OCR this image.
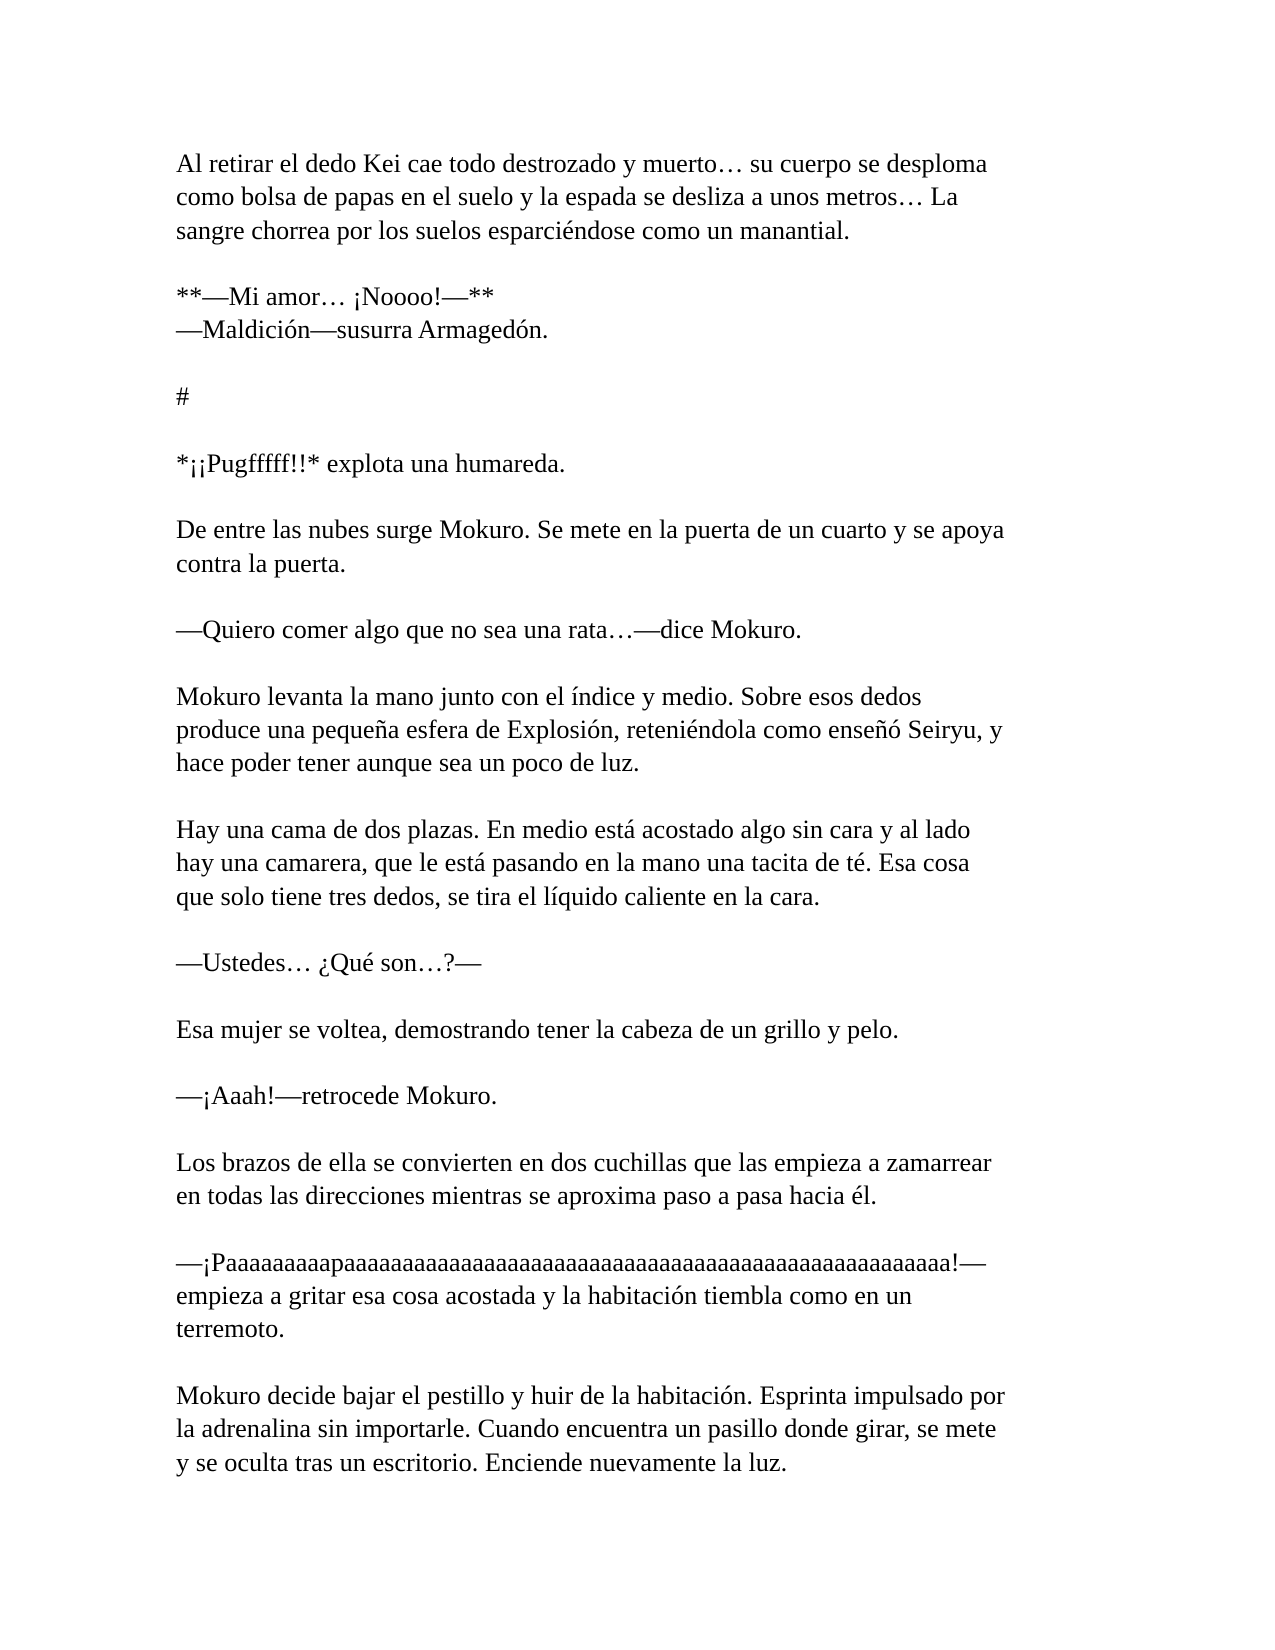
Al retirar el dedo Kei cae todo destrozado y muerto… su cuerpo se desploma
como bolsa de papas en el suelo y la espada se desliza a unos metros… La
sangre chorrea por los suelos esparciéndose como un manantial.

**—Mi amor… ¡Noooo!—**
—Maldición—susurra Armagedón.

#

*¡¡Pugfffff!!* explota una humareda.

De entre las nubes surge Mokuro. Se mete en la puerta de un cuarto y se apoya
contra la puerta.

—Quiero comer algo que no sea una rata…—dice Mokuro.

Mokuro levanta la mano junto con el índice y medio. Sobre esos dedos
produce una pequeña esfera de Explosión, reteniéndola como enseñó Seiryu, y
hace poder tener aunque sea un poco de luz.

Hay una cama de dos plazas. En medio está acostado algo sin cara y al lado
hay una camarera, que le está pasando en la mano una tacita de té. Esa cosa
que solo tiene tres dedos, se tira el líquido caliente en la cara.

—Ustedes… ¿Qué son…?—

Esa mujer se voltea, demostrando tener la cabeza de un grillo y pelo.

—¡Aaah!—retrocede Mokuro.

Los brazos de ella se convierten en dos cuchillas que las empieza a zamarrear
en todas las direcciones mientras se aproxima paso a pasa hacia él.

—¡Paaaaaaaaapaaaaaaaaaaaaaaaaaaaaaaaaaaaaaaaaaaaaaaaaaaaaaaaaaaaa!—
empieza a gritar esa cosa acostada y la habitación tiembla como en un
terremoto.

Mokuro decide bajar el pestillo y huir de la habitación. Esprinta impulsado por
la adrenalina sin importarle. Cuando encuentra un pasillo donde girar, se mete
y se oculta tras un escritorio. Enciende nuevamente la luz.
